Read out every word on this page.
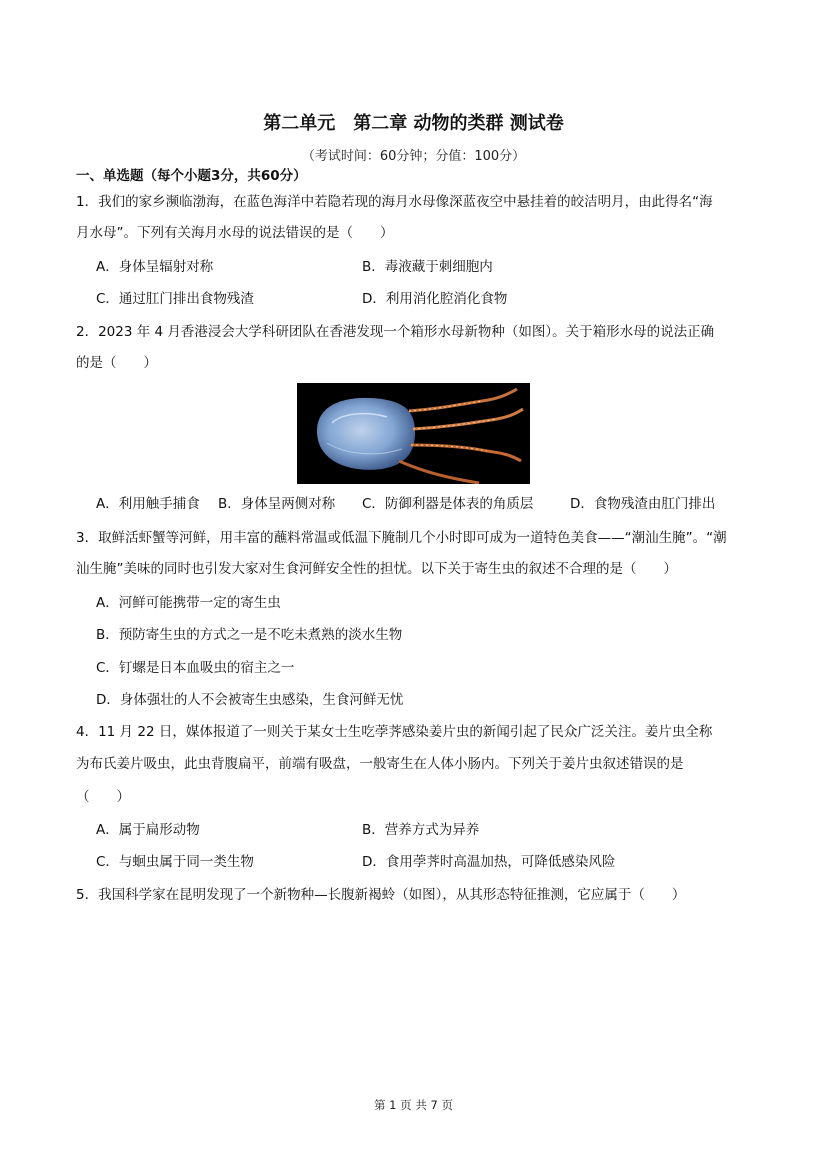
第二单元　第二章 动物的类群 测试卷
（考试时间：60分钟；分值：100分）
一、单选题（每个小题3分，共60分）
1．我们的家乡濒临渤海，在蓝色海洋中若隐若现的海月水母像深蓝夜空中悬挂着的皎洁明月，由此得名“海
月水母”。下列有关海月水母的说法错误的是（　　）
A．身体呈辐射对称	B．毒液藏于刺细胞内
C．通过肛门排出食物残渣	D．利用消化腔消化食物
2．2023 年 4 月香港浸会大学科研团队在香港发现一个箱形水母新物种（如图）。关于箱形水母的说法正确
的是（　　）
A．利用触手捕食 B．身体呈两侧对称 C．防御利器是体表的角质层	D．食物残渣由肛门排出
3．取鲜活虾蟹等河鲜，用丰富的蘸料常温或低温下腌制几个小时即可成为一道特色美食——“潮汕生腌”。“潮
汕生腌”美味的同时也引发大家对生食河鲜安全性的担忧。以下关于寄生虫的叙述不合理的是（　　）
A．河鲜可能携带一定的寄生虫
B．预防寄生虫的方式之一是不吃未煮熟的淡水生物
C．钉螺是日本血吸虫的宿主之一
D．身体强壮的人不会被寄生虫感染，生食河鲜无忧
4．11 月 22 日，媒体报道了一则关于某女士生吃荸荠感染姜片虫的新闻引起了民众广泛关注。姜片虫全称
为布氏姜片吸虫，此虫背腹扁平，前端有吸盘，一般寄生在人体小肠内。下列关于姜片虫叙述错误的是
（　　）
A．属于扁形动物	B．营养方式为异养
C．与蛔虫属于同一类生物	D．食用荸荠时高温加热，可降低感染风险
5．我国科学家在昆明发现了一个新物种—长腹新褐蛉（如图），从其形态特征推测，它应属于（　　）
第 1 页 共 7 页
